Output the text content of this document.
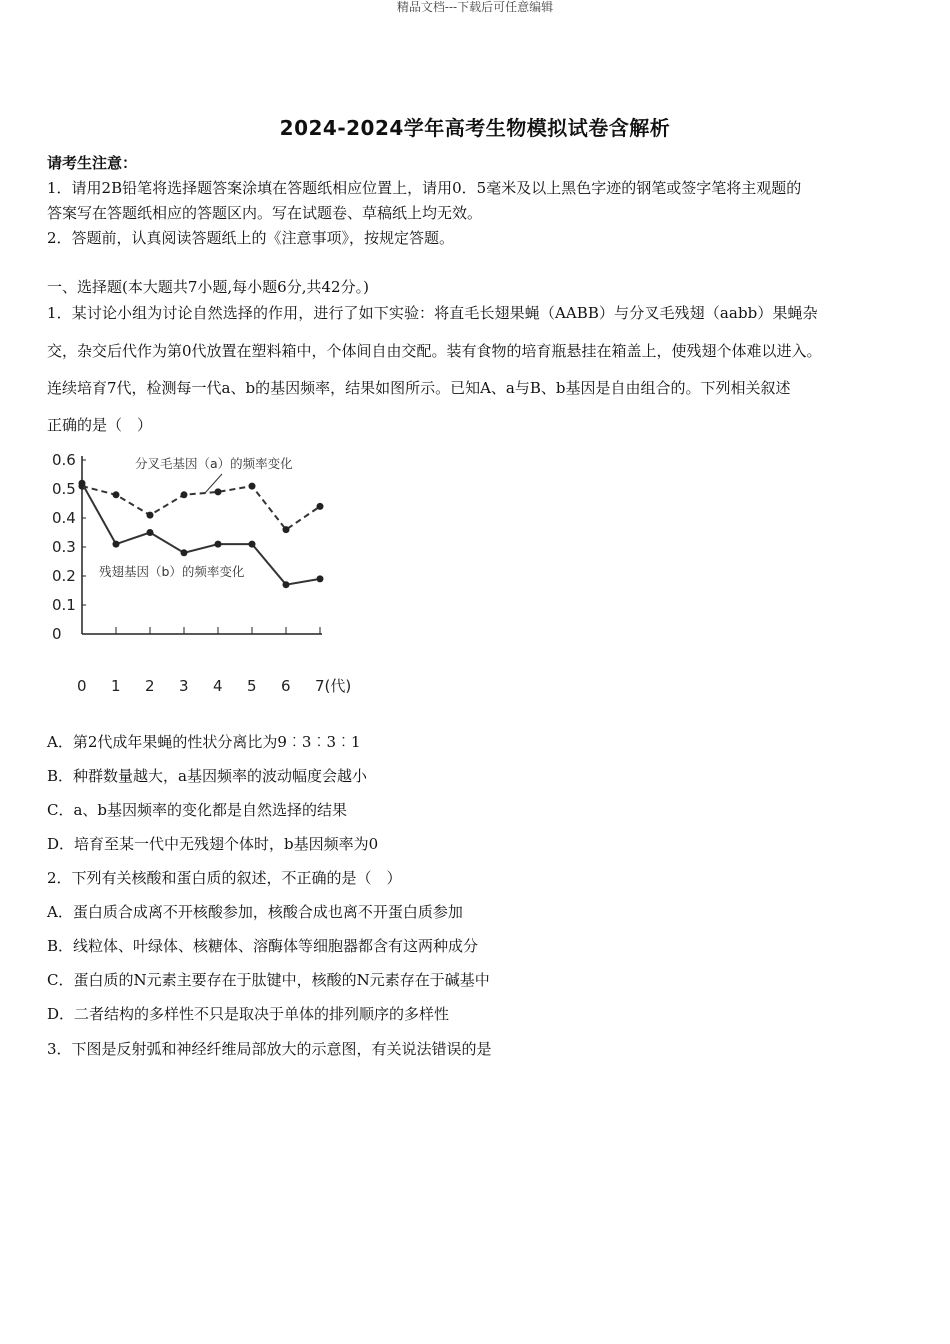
精品文档---下载后可任意编辑
2024-2024学年高考生物模拟试卷含解析
请考生注意：
1．请用2B铅笔将选择题答案涂填在答题纸相应位置上，请用0．5毫米及以上黑色字迹的钢笔或签字笔将主观题的
答案写在答题纸相应的答题区内。写在试题卷、草稿纸上均无效。
2．答题前，认真阅读答题纸上的《注意事项》，按规定答题。
一、选择题(本大题共7小题,每小题6分,共42分。)
1．某讨论小组为讨论自然选择的作用，进行了如下实验：将直毛长翅果蝇（AABB）与分叉毛残翅（aabb）果蝇杂
交，杂交后代作为第0代放置在塑料箱中，个体间自由交配。装有食物的培育瓶悬挂在箱盖上，使残翅个体难以进入。
连续培育7代，检测每一代a、b的基因频率，结果如图所示。已知A、a与B、b基因是自由组合的。下列相关叙述
正确的是（　）
0
0.1
0.2
0.3
0.4
0.5
0.6
0 1 2 3 4 5 6 7(代)
分叉毛基因（a）的频率变化
残翅基因（b）的频率变化
A．第2代成年果蝇的性状分离比为9︰3︰3︰1
B．种群数量越大，a基因频率的波动幅度会越小
C．a、b基因频率的变化都是自然选择的结果
D．培育至某一代中无残翅个体时，b基因频率为0
2．下列有关核酸和蛋白质的叙述，不正确的是（　）
A．蛋白质合成离不开核酸参加，核酸合成也离不开蛋白质参加
B．线粒体、叶绿体、核糖体、溶酶体等细胞器都含有这两种成分
C．蛋白质的N元素主要存在于肽键中，核酸的N元素存在于碱基中
D．二者结构的多样性不只是取决于单体的排列顺序的多样性
3．下图是反射弧和神经纤维局部放大的示意图，有关说法错误的是
